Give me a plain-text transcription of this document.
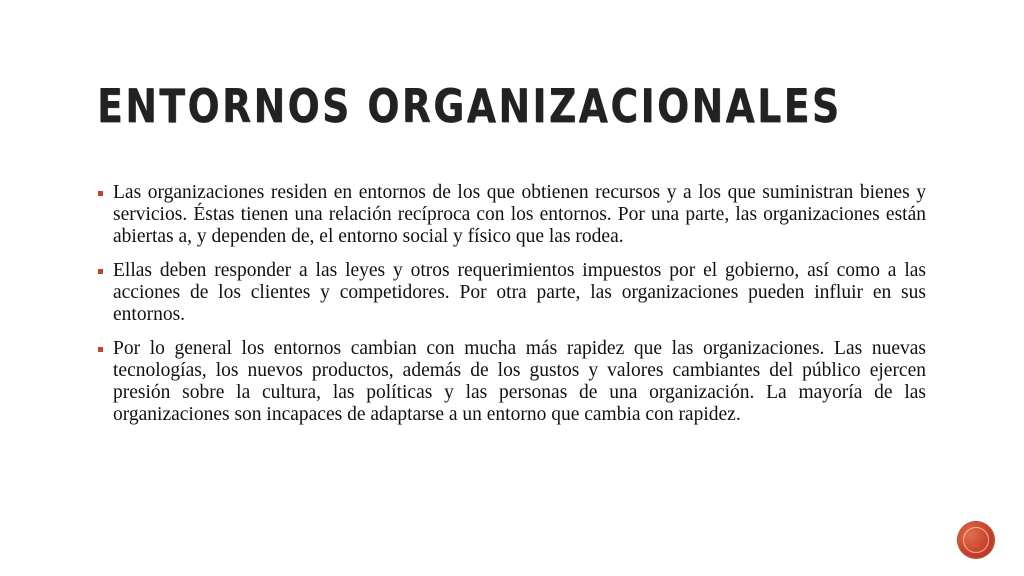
ENTORNOS ORGANIZACIONALES
Las organizaciones residen en entornos de los que obtienen recursos y a los que suministran bienes y servicios. Éstas tienen una relación recíproca con los entornos. Por una parte, las organizaciones están abiertas a, y dependen de, el entorno social y físico que las rodea.
Ellas deben responder a las leyes y otros requerimientos impuestos por el gobierno, así como a las acciones de los clientes y competidores. Por otra parte, las organizaciones pueden influir en sus entornos.
Por lo general los entornos cambian con mucha más rapidez que las organizaciones. Las nuevas tecnologías, los nuevos productos, además de los gustos y valores cambiantes del público ejercen presión sobre la cultura, las políticas y las personas de una organización. La mayoría de las organizaciones son incapaces de adaptarse a un entorno que cambia con rapidez.
